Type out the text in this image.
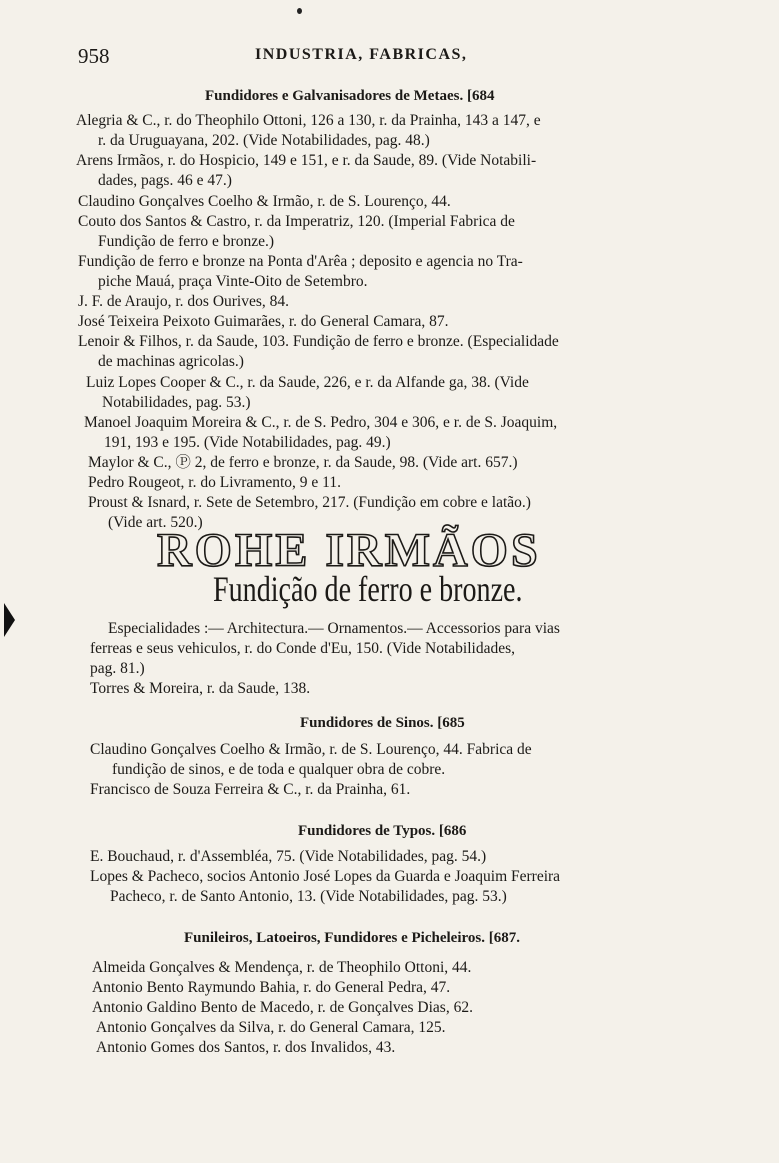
958	INDUSTRIA, FABRICAS,
Fundidores e Galvanisadores de Metaes. [684
Alegria & C., r. do Theophilo Ottoni, 126 a 130, r. da Prainha, 143 a 147, e
r. da Uruguayana, 202. (Vide Notabilidades, pag. 48.)
Arens Irmãos, r. do Hospicio, 149 e 151, e r. da Saude, 89. (Vide Notabili-
dades, pags. 46 e 47.)
Claudino Gonçalves Coelho & Irmão, r. de S. Lourenço, 44.
Couto dos Santos & Castro, r. da Imperatriz, 120. (Imperial Fabrica de
Fundição de ferro e bronze.)
Fundição de ferro e bronze na Ponta d'Arêa ; deposito e agencia no Tra-
piche Mauá, praça Vinte-Oito de Setembro.
J. F. de Araujo, r. dos Ourives, 84.
José Teixeira Peixoto Guimarães, r. do General Camara, 87.
Lenoir & Filhos, r. da Saude, 103. Fundição de ferro e bronze. (Especialidade
de machinas agricolas.)
Luiz Lopes Cooper & C., r. da Saude, 226, e r. da Alfande ga, 38. (Vide
Notabilidades, pag. 53.)
Manoel Joaquim Moreira & C., r. de S. Pedro, 304 e 306, e r. de S. Joaquim,
191, 193 e 195. (Vide Notabilidades, pag. 49.)
Maylor & C., Ⓟ 2, de ferro e bronze, r. da Saude, 98. (Vide art. 657.)
Pedro Rougeot, r. do Livramento, 9 e 11.
Proust & Isnard, r. Sete de Setembro, 217. (Fundição em cobre e latão.)
(Vide art. 520.)
ROHE IRMÃOS
Fundição de ferro e bronze.
Especialidades :— Architectura.— Ornamentos.— Accessorios para vias
ferreas e seus vehiculos, r. do Conde d'Eu, 150. (Vide Notabilidades,
pag. 81.)
Torres & Moreira, r. da Saude, 138.
Fundidores de Sinos. [685
Claudino Gonçalves Coelho & Irmão, r. de S. Lourenço, 44. Fabrica de
fundição de sinos, e de toda e qualquer obra de cobre.
Francisco de Souza Ferreira & C., r. da Prainha, 61.
Fundidores de Typos. [686
E. Bouchaud, r. d'Assembléa, 75. (Vide Notabilidades, pag. 54.)
Lopes & Pacheco, socios Antonio José Lopes da Guarda e Joaquim Ferreira
Pacheco, r. de Santo Antonio, 13. (Vide Notabilidades, pag. 53.)
Funileiros, Latoeiros, Fundidores e Picheleiros. [687.
Almeida Gonçalves & Mendença, r. de Theophilo Ottoni, 44.
Antonio Bento Raymundo Bahia, r. do General Pedra, 47.
Antonio Galdino Bento de Macedo, r. de Gonçalves Dias, 62.
Antonio Gonçalves da Silva, r. do General Camara, 125.
Antonio Gomes dos Santos, r. dos Invalidos, 43.
